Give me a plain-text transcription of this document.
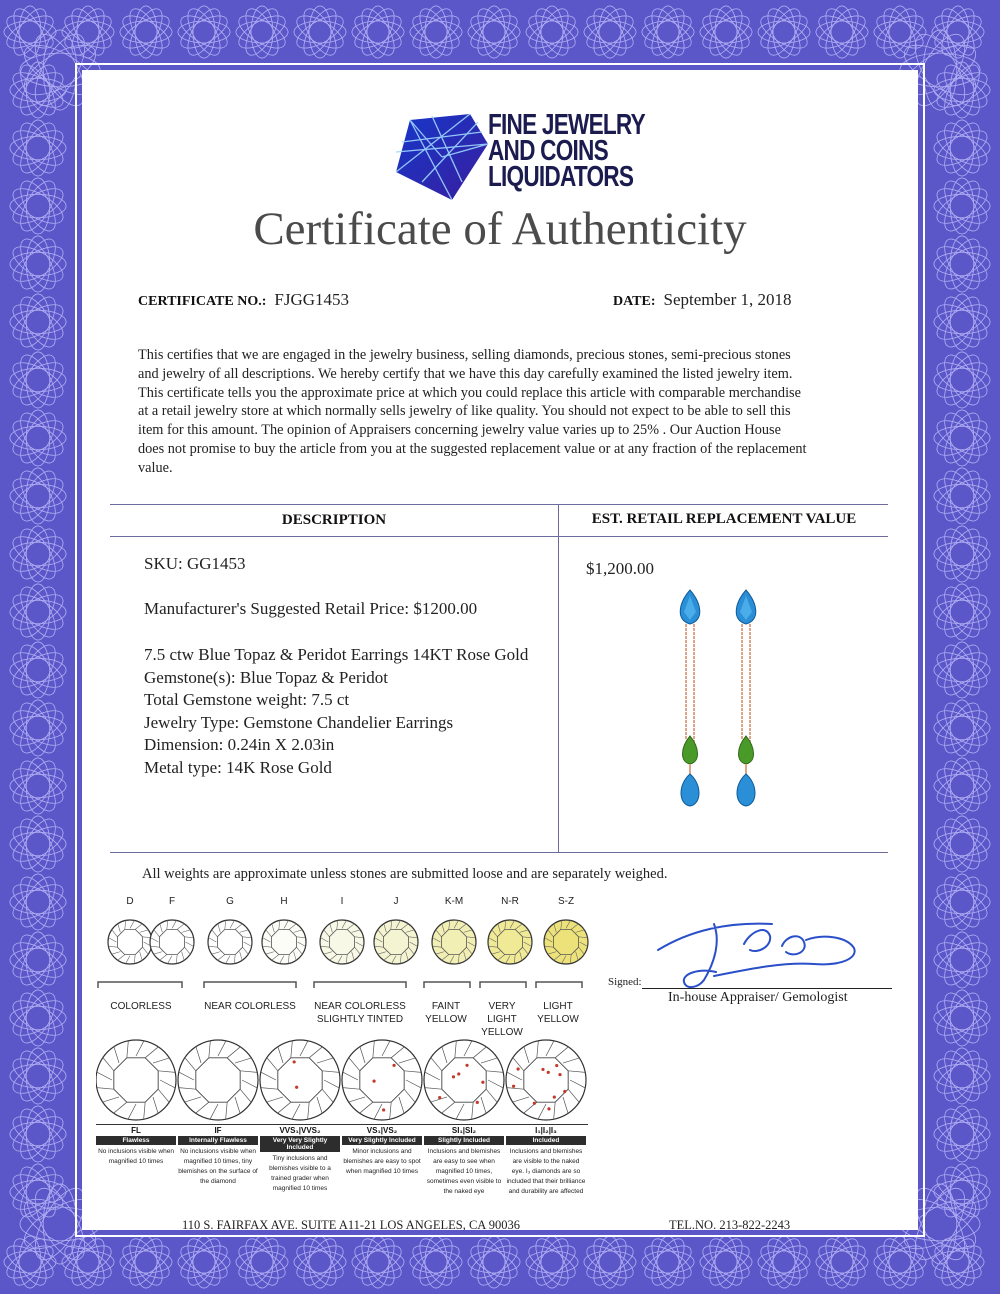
FINE JEWELRY
AND COINS
LIQUIDATORS
Certificate of Authenticity
CERTIFICATE NO.: FJGG1453	DATE: September 1, 2018
This certifies that we are engaged in the jewelry business, selling diamonds, precious stones, semi-precious stones
and jewelry of all descriptions. We hereby certify that we have this day carefully examined the listed jewelry item.
This certificate tells you the approximate price at which you could replace this article with comparable merchandise
at a retail jewelry store at which normally sells jewelry of like quality. You should not expect to be able to sell this
item for this amount. The opinion of Appraisers concerning jewelry value varies up to 25% . Our Auction House
does not promise to buy the article from you at the suggested replacement value or at any fraction of the replacement
value.
DESCRIPTION	EST. RETAIL REPLACEMENT VALUE
SKU: GG1453
Manufacturer's Suggested Retail Price: $1200.00
7.5 ctw Blue Topaz & Peridot Earrings 14KT Rose Gold
Gemstone(s): Blue Topaz & Peridot
Total Gemstone weight: 7.5 ct
Jewelry Type: Gemstone Chandelier Earrings
Dimension: 0.24in X 2.03in
Metal type: 14K Rose Gold
$1,200.00
All weights are approximate unless stones are submitted loose and are separately weighed.
D	F	G	H	I	J	K-M	N-R	S-Z
COLORLESS	NEAR COLORLESS	NEAR COLORLESS
SLIGHTLY TINTED
FAINT
YELLOW
VERY LIGHT
YELLOW
LIGHT
YELLOW
FL
Flawless
No inclusions visible when magnified 10 times
IF
Internally Flawless
No inclusions visible when magnified 10 times, tiny blemishes on the surface of the diamond
VVS₁|VVS₂
Very Very Slightly Included
Tiny inclusions and blemishes visible to a trained grader when magnified 10 times
VS₁|VS₂
Very Slightly Included
Minor inclusions and blemishes are easy to spot when magnified 10 times
SI₁|SI₂
Slightly Included
Inclusions and blemishes are easy to see when magnified 10 times, sometimes even visible to the naked eye
I₁|I₂|I₃
Included
Inclusions and blemishes are visible to the naked eye. I₃ diamonds are so included that their brilliance and durability are affected
Signed:
In-house Appraiser/ Gemologist
110 S. FAIRFAX AVE. SUITE A11-21 LOS ANGELES, CA 90036	TEL.NO. 213-822-2243
